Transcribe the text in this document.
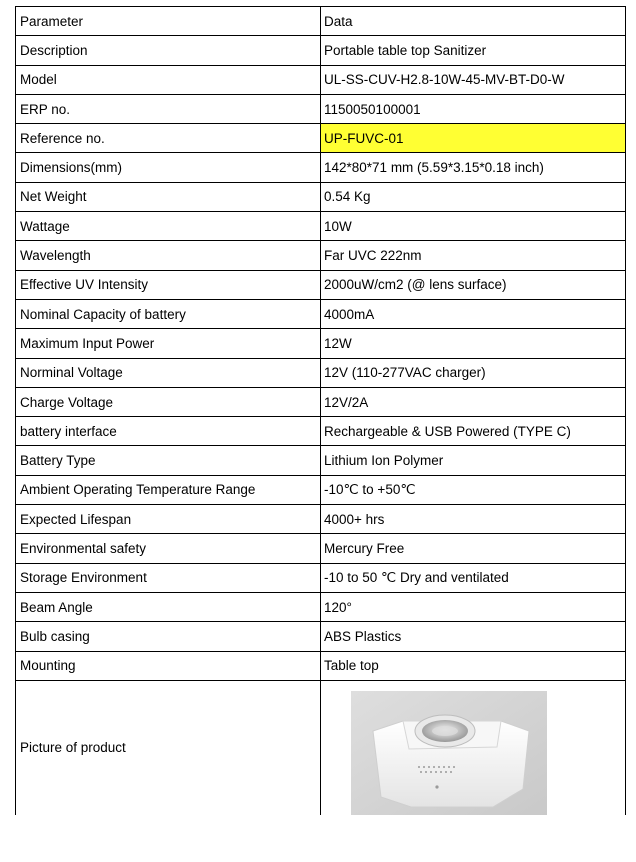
Parameter	Data
Description	Portable table top Sanitizer
Model	UL-SS-CUV-H2.8-10W-45-MV-BT-D0-W
ERP no.	1150050100001
Reference no.	UP-FUVC-01
Dimensions(mm)	142*80*71 mm (5.59*3.15*0.18 inch)
Net Weight	0.54 Kg
Wattage	10W
Wavelength	Far UVC 222nm
Effective UV Intensity	2000uW/cm2 (@ lens surface)
Nominal Capacity of battery	4000mA
Maximum Input Power	12W
Norminal Voltage	12V (110-277VAC charger)
Charge Voltage	12V/2A
battery interface	Rechargeable & USB Powered (TYPE C)
Battery Type	Lithium Ion Polymer
Ambient Operating Temperature Range	-10℃ to +50℃
Expected Lifespan	4000+ hrs
Environmental safety	Mercury Free
Storage Environment	-10 to 50 ℃ Dry and ventilated
Beam Angle	120°
Bulb casing	ABS Plastics
Mounting	Table top
Picture of product	
